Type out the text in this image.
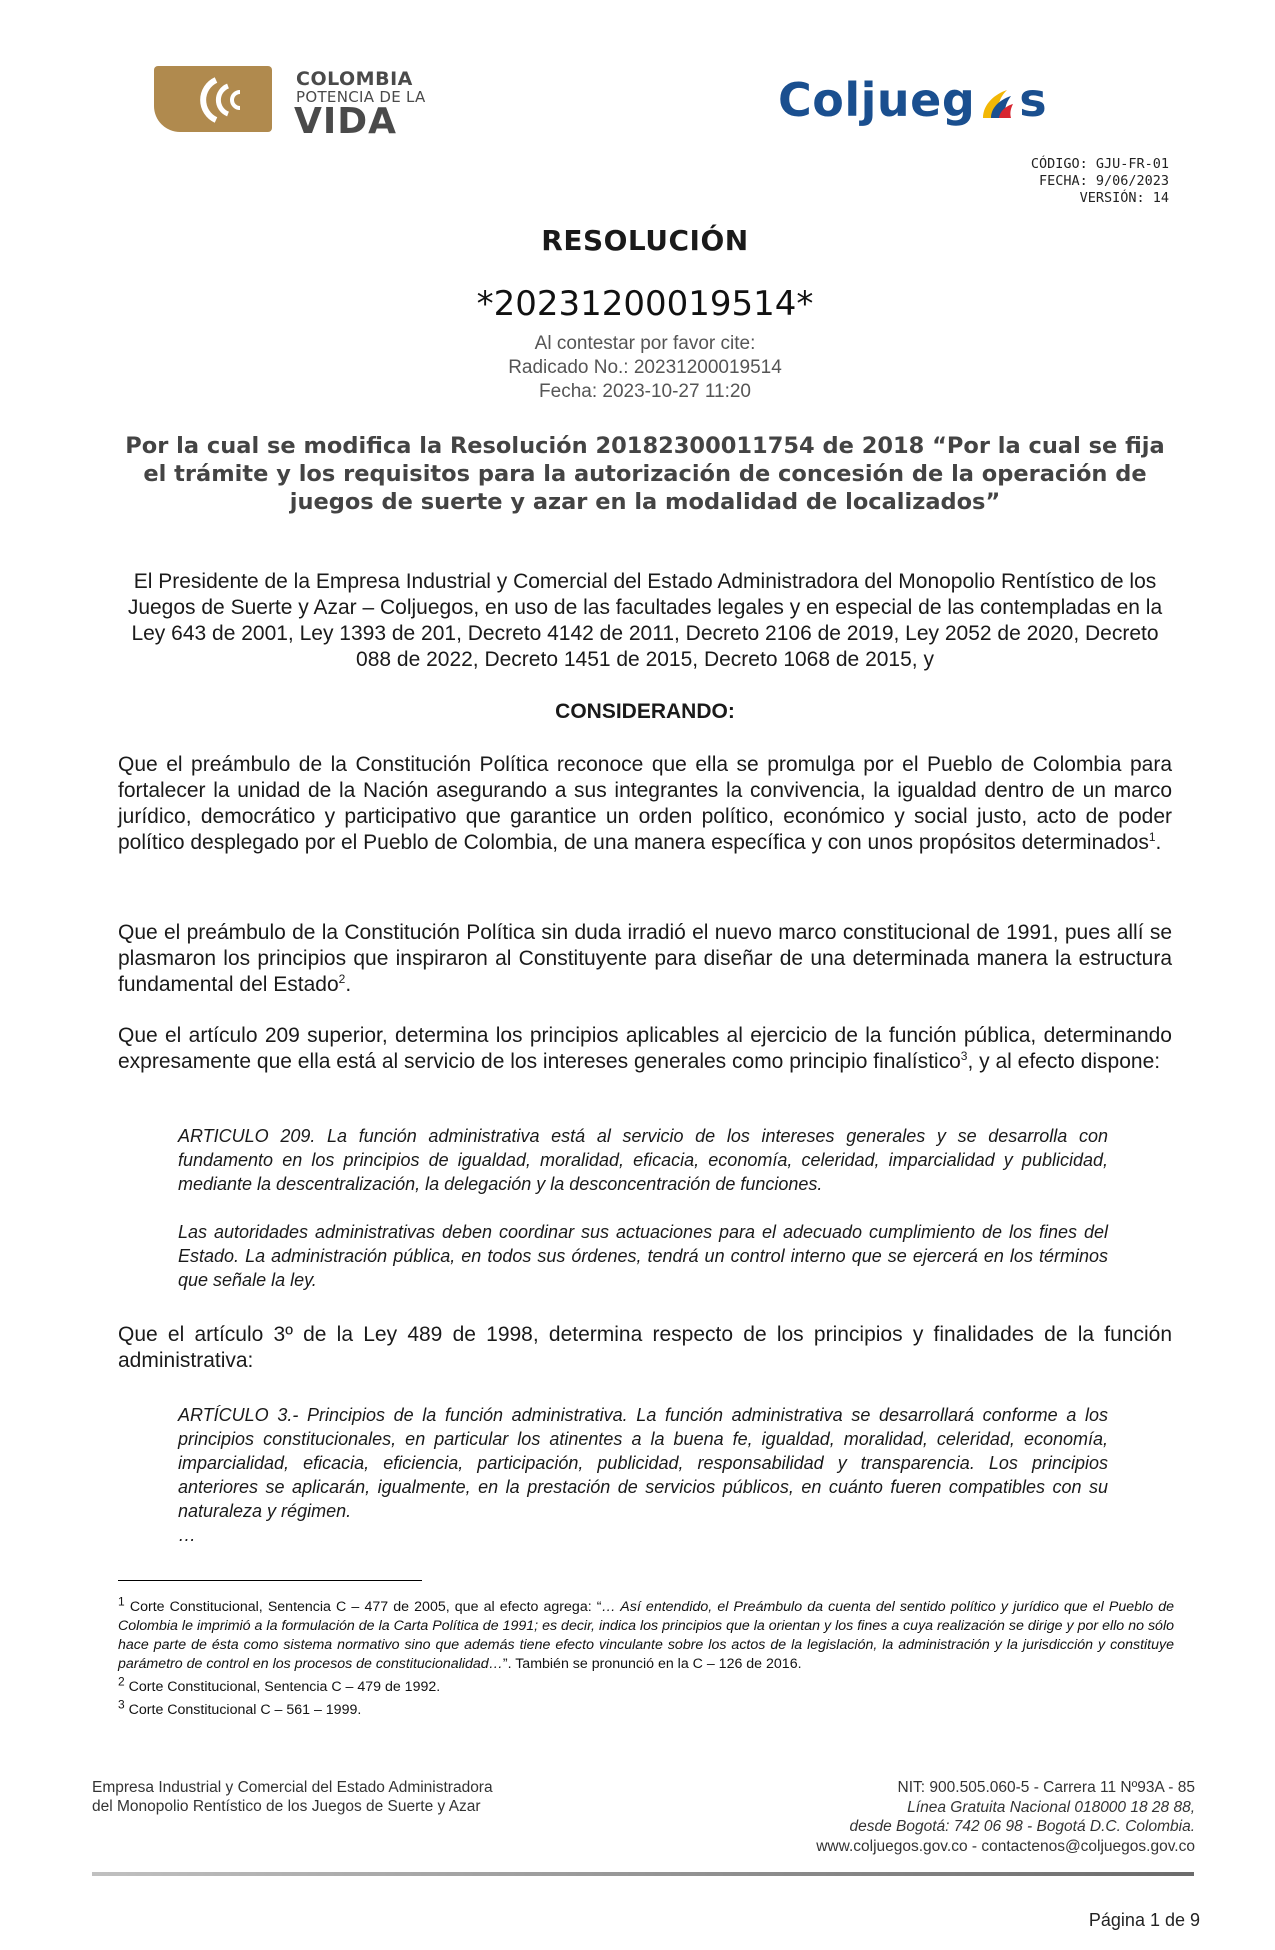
COLOMBIA
POTENCIA DE LA
VIDA	Coljueg s
CÓDIGO: GJU-FR-01
FECHA: 9/06/2023
VERSIÓN: 14
RESOLUCIÓN
*20231200019514*
Al contestar por favor cite:
Radicado No.: 20231200019514
Fecha: 2023-10-27 11:20
Por la cual se modifica la Resolución 20182300011754 de 2018 “Por la cual se fija el trámite y los requisitos para la autorización de concesión de la operación de juegos de suerte y azar en la modalidad de localizados”
El Presidente de la Empresa Industrial y Comercial del Estado Administradora del Monopolio Rentístico de los Juegos de Suerte y Azar – Coljuegos, en uso de las facultades legales y en especial de las contempladas en la Ley 643 de 2001, Ley 1393 de 201, Decreto 4142 de 2011, Decreto 2106 de 2019, Ley 2052 de 2020, Decreto 088 de 2022, Decreto 1451 de 2015, Decreto 1068 de 2015, y
CONSIDERANDO:
Que el preámbulo de la Constitución Política reconoce que ella se promulga por el Pueblo de Colombia para fortalecer la unidad de la Nación asegurando a sus integrantes la convivencia, la igualdad dentro de un marco jurídico, democrático y participativo que garantice un orden político, económico y social justo, acto de poder político desplegado por el Pueblo de Colombia, de una manera específica y con unos propósitos determinados$^1$.
Que el preámbulo de la Constitución Política sin duda irradió el nuevo marco constitucional de 1991, pues allí se plasmaron los principios que inspiraron al Constituyente para diseñar de una determinada manera la estructura fundamental del Estado$^2$.
Que el artículo 209 superior, determina los principios aplicables al ejercicio de la función pública, determinando expresamente que ella está al servicio de los intereses generales como principio finalístico$^3$, y al efecto dispone:
ARTICULO 209. La función administrativa está al servicio de los intereses generales y se desarrolla con fundamento en los principios de igualdad, moralidad, eficacia, economía, celeridad, imparcialidad y publicidad, mediante la descentralización, la delegación y la desconcentración de funciones.
Las autoridades administrativas deben coordinar sus actuaciones para el adecuado cumplimiento de los fines del Estado. La administración pública, en todos sus órdenes, tendrá un control interno que se ejercerá en los términos que señale la ley.
Que el artículo 3º de la Ley 489 de 1998, determina respecto de los principios y finalidades de la función administrativa:
ARTÍCULO 3.- Principios de la función administrativa. La función administrativa se desarrollará conforme a los principios constitucionales, en particular los atinentes a la buena fe, igualdad, moralidad, celeridad, economía, imparcialidad, eficacia, eficiencia, participación, publicidad, responsabilidad y transparencia. Los principios anteriores se aplicarán, igualmente, en la prestación de servicios públicos, en cuánto fueren compatibles con su naturaleza y régimen.
…
$^1$ Corte Constitucional, Sentencia C – 477 de 2005, que al efecto agrega: “… Así entendido, el Preámbulo da cuenta del sentido político y jurídico que el Pueblo de Colombia le imprimió a la formulación de la Carta Política de 1991; es decir, indica los principios que la orientan y los fines a cuya realización se dirige y por ello no sólo hace parte de ésta como sistema normativo sino que además tiene efecto vinculante sobre los actos de la legislación, la administración y la jurisdicción y constituye parámetro de control en los procesos de constitucionalidad…”. También se pronunció en la C – 126 de 2016.
$^2$ Corte Constitucional, Sentencia C – 479 de 1992.
$^3$ Corte Constitucional C – 561 – 1999.
Empresa Industrial y Comercial del Estado Administradora
del Monopolio Rentístico de los Juegos de Suerte y Azar
NIT: 900.505.060-5 - Carrera 11 Nº93A - 85
Línea Gratuita Nacional 018000 18 28 88,
desde Bogotá: 742 06 98 - Bogotá D.C. Colombia.
www.coljuegos.gov.co - contactenos@coljuegos.gov.co
Página 1 de 9
